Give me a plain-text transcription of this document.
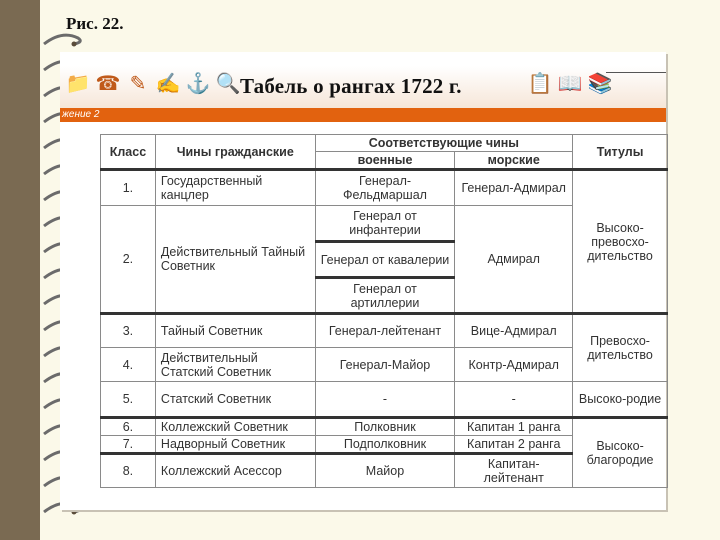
Рис. 22.
📁 ☎ ✎ ✍ ⚓ 🔍 Табель о рангах 1722 г.	📋 📖 📚
жение 2
Класс	Чины гражданские	Соответствующие чины		Титулы
		военные	морские	
1.	Государственный канцлер	Генерал-Фельдмаршал	Генерал-Адмирал	Высоко-превосхо-дительство
2.	Действительный Тайный Советник	Генерал от инфантерии	Адмирал	
		Генерал от кавалерии		
		Генерал от артиллерии		
3.	Тайный Советник	Генерал-лейтенант	Вице-Адмирал	Превосхо-дительство
4.	Действительный Статский Советник	Генерал-Майор	Контр-Адмирал	
5.	Статский Советник	-	-	Высоко-родие
6.	Коллежский Советник	Полковник	Капитан 1 ранга	Высоко-благородие
7.	Надворный Советник	Подполковник	Капитан 2 ранга	
8.	Коллежский Асессор	Майор	Капитан-лейтенант	
